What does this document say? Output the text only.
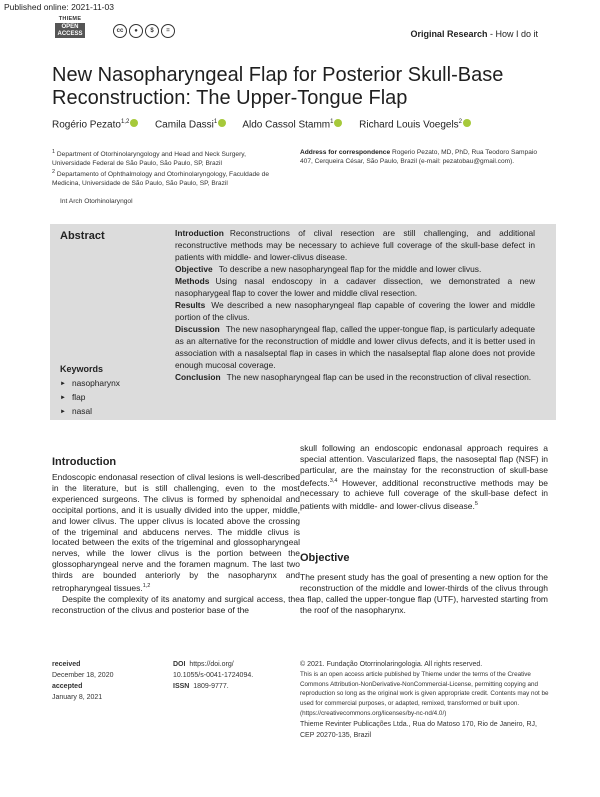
Published online: 2021-11-03
THIEME
OPEN
ACCESS	cc	●	$	=	Original Research - How I do it
New Nasopharyngeal Flap for Posterior Skull-Base Reconstruction: The Upper-Tongue Flap
Rogério Pezato$^{1,2}$	Camila Dassi$^1$	Aldo Cassol Stamm$^1$	Richard Louis Voegels$^2$
$^1$ Department of Otorhinolaryngology and Head and Neck Surgery, Universidade Federal de São Paulo, São Paulo, SP, Brazil
$^2$ Departamento of Ophthalmology and Otorhinolaryngology, Faculdade de Medicina, Universidade de São Paulo, São Paulo, SP, Brazil
Address for correspondence Rogerio Pezato, MD, PhD, Rua Teodoro Sampaio 407, Cerqueira César, São Paulo, Brazil (e-mail: pezatobau@gmail.com).
Int Arch Otorhinolaryngol
Abstract	Introduction Reconstructions of clival resection are still challenging, and additional reconstructive methods may be necessary to achieve full coverage of the skull-base defect in patients with middle- and lower-clivus disease.

Objective To describe a new nasopharyngeal flap for the middle and lower clivus.

Methods Using nasal endoscopy in a cadaver dissection, we demonstrated a new nasopharygeal flap to cover the lower and middle clival resection.

Results We described a new nasopharyngeal flap capable of covering the lower and middle portion of the clivus.

Discussion The new nasopharyngeal flap, called the upper-tongue flap, is particularly adequate as an alternative for the reconstruction of middle and lower clivus defects, and it is better used in association with a nasalseptal flap in cases in which the nasalseptal flap alone does not provide enough mucosal coverage.

Conclusion The new nasopharyngeal flap can be used in the reconstruction of clival resection.

Keywords
► nasopharynx
► flap
► nasal
Introduction

Endoscopic endonasal resection of clival lesions is well-described in the literature, but is still challenging, even to the most experienced surgeons. The clivus is formed by sphenoidal and occipital portions, and it is usually divided into the upper, middle, and lower clivus. The upper clivus is located above the crossing of the trigeminal and abducens nerves. The middle clivus is located between the exits of the trigeminal and glossopharyngeal nerves, while the lower clivus is the portion between the glossopharyngeal nerve and the foramen magnum. The last two thirds are bounded anteriorly by the nasopharynx and retropharyngeal tissues.$^{1,2}$

Despite the complexity of its anatomy and surgical access, the reconstruction of the clivus and posterior base of the

skull following an endoscopic endonasal approach requires a special attention. Vascularized flaps, the nasoseptal flap (NSF) in particular, are the mainstay for the reconstruction of skull-base defects.$^{3,4}$ However, additional reconstructive methods may be necessary to achieve full coverage of the skull-base defect in patients with middle- and lower-clivus disease.$^5$

Objective
The present study has the goal of presenting a new option for the reconstruction of the middle and lower-thirds of the clivus through a flap, called the upper-tongue flap (UTF), harvested starting from the roof of the nasopharynx.
received
December 18, 2020
accepted
January 8, 2021
DOI https://doi.org/
10.1055/s-0041-1724094.
ISSN 1809-9777.
© 2021. Fundação Otorrinolaringologia. All rights reserved.
This is an open access article published by Thieme under the terms of the Creative Commons Attribution-NonDerivative-NonCommercial-License, permitting copying and reproduction so long as the original work is given appropriate credit. Contents may not be used for commercial purposes, or adapted, remixed, transformed or built upon. (https://creativecommons.org/licenses/by-nc-nd/4.0/)
Thieme Revinter Publicações Ltda., Rua do Matoso 170, Rio de Janeiro, RJ, CEP 20270-135, Brazil
